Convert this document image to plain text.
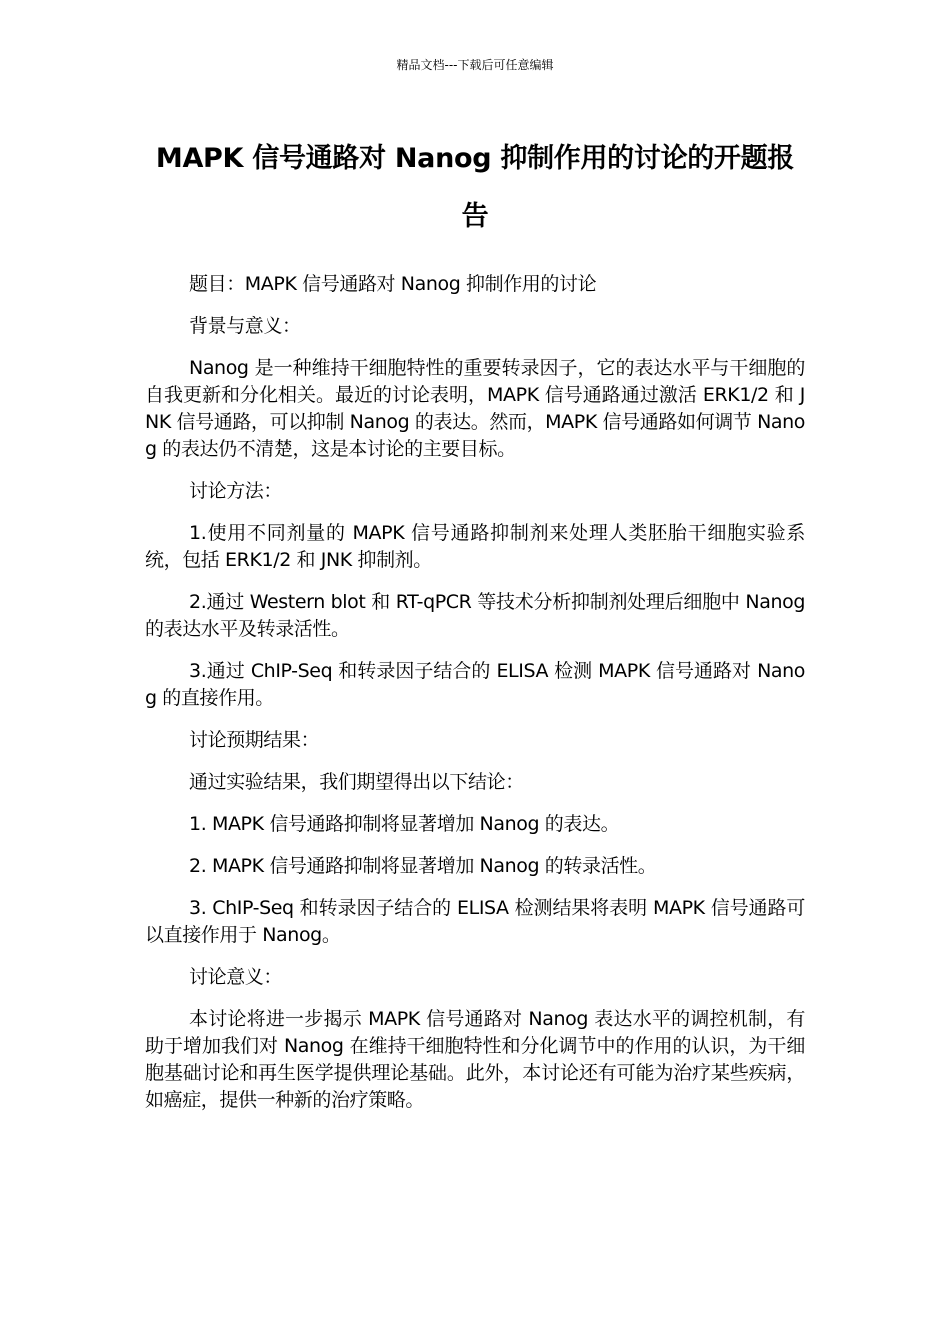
精品文档---下载后可任意编辑
MAPK 信号通路对 Nanog 抑制作用的讨论的开题报告

题目：MAPK 信号通路对 Nanog 抑制作用的讨论

背景与意义：

Nanog 是一种维持干细胞特性的重要转录因子，它的表达水平与干细胞的自我更新和分化相关。最近的讨论表明，MAPK 信号通路通过激活 ERK1/2 和 JNK 信号通路，可以抑制 Nanog 的表达。然而，MAPK 信号通路如何调节 Nanog 的表达仍不清楚，这是本讨论的主要目标。

讨论方法：

1.使用不同剂量的 MAPK 信号通路抑制剂来处理人类胚胎干细胞实验系统，包括 ERK1/2 和 JNK 抑制剂。

2.通过 Western blot 和 RT-qPCR 等技术分析抑制剂处理后细胞中 Nanog 的表达水平及转录活性。

3.通过 ChIP-Seq 和转录因子结合的 ELISA 检测 MAPK 信号通路对 Nanog 的直接作用。

讨论预期结果：

通过实验结果，我们期望得出以下结论：

1. MAPK 信号通路抑制将显著增加 Nanog 的表达。

2. MAPK 信号通路抑制将显著增加 Nanog 的转录活性。

3. ChIP-Seq 和转录因子结合的 ELISA 检测结果将表明 MAPK 信号通路可以直接作用于 Nanog。

讨论意义：

本讨论将进一步揭示 MAPK 信号通路对 Nanog 表达水平的调控机制，有助于增加我们对 Nanog 在维持干细胞特性和分化调节中的作用的认识，为干细胞基础讨论和再生医学提供理论基础。此外，本讨论还有可能为治疗某些疾病，如癌症，提供一种新的治疗策略。
